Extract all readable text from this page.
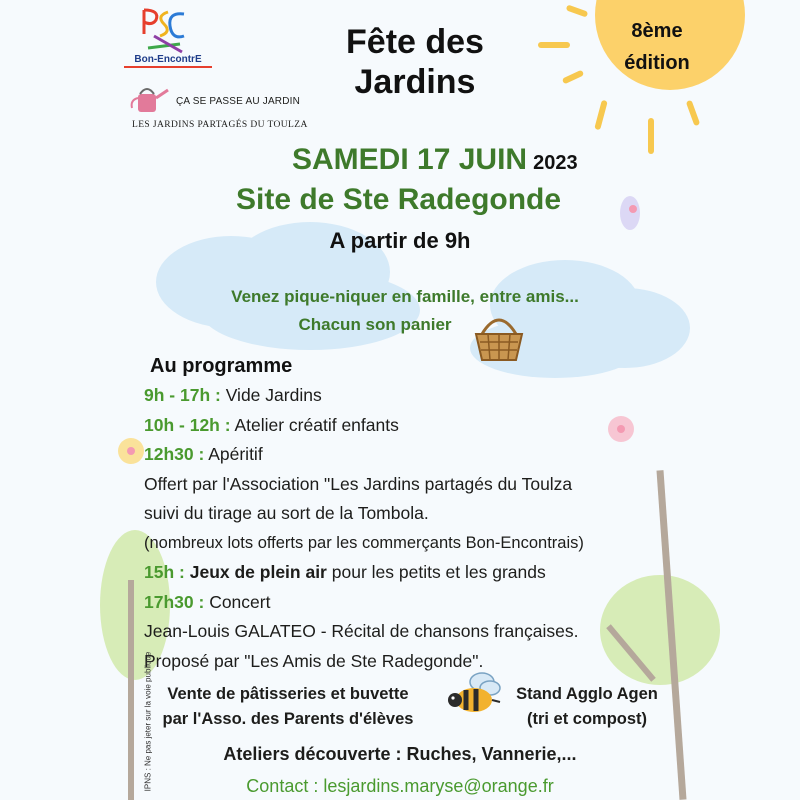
Bon-EncontrE
ÇA SE PASSE AU JARDIN
LES JARDINS PARTAGÉS DU TOULZA
Fête des
Jardins
8ème
édition
SAMEDI 17 JUIN 2023
Site de Ste Radegonde
A partir de 9h
Venez pique-niquer en famille, entre amis...
Chacun son panier
Au programme
9h - 17h : Vide Jardins
10h - 12h : Atelier créatif enfants
12h30 : Apéritif
Offert par l'Association "Les Jardins partagés du Toulza
suivi du tirage au sort de la Tombola.
(nombreux lots offerts par les commerçants Bon-Encontrais)
15h : Jeux de plein air pour les petits et les grands
17h30 : Concert
Jean-Louis GALATEO - Récital de chansons françaises.
Proposé par "Les Amis de Ste Radegonde".
Vente de pâtisseries et buvette
par l'Asso. des Parents d'élèves
Stand Agglo Agen
(tri et compost)
Ateliers découverte : Ruches, Vannerie,...
Contact : lesjardins.maryse@orange.fr
IPNS : Ne pas jeter sur la voie publique
